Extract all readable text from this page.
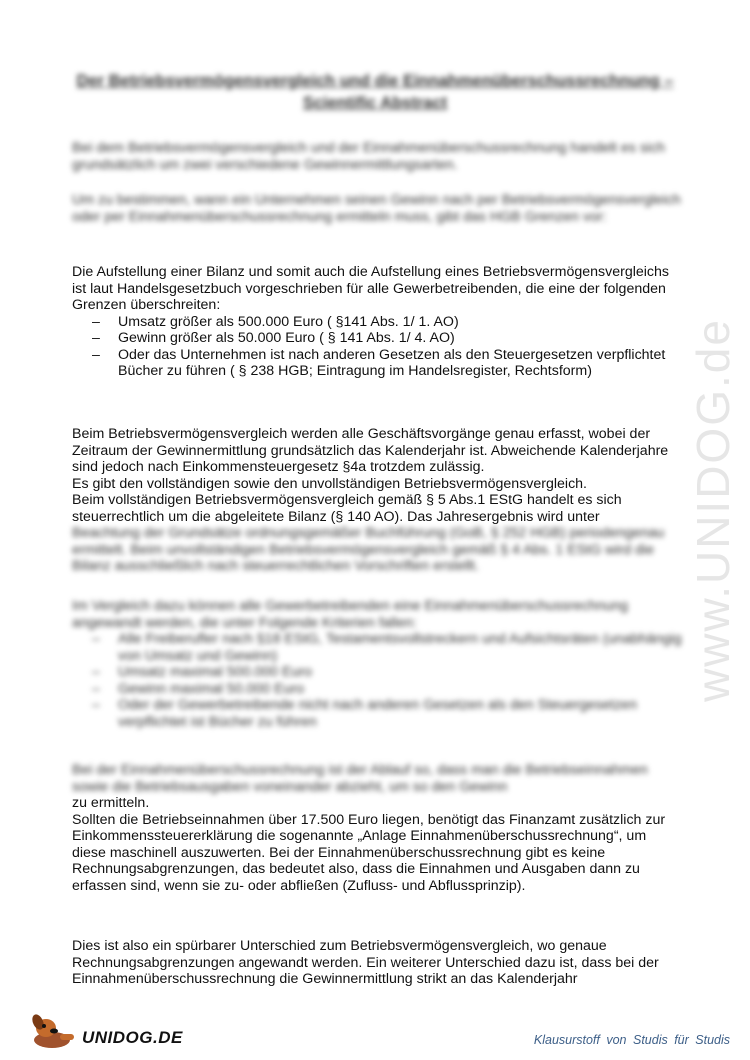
Der Betriebsvermögensvergleich und die Einnahmenüberschussrechnung – Scientific Abstract

Bei dem Betriebsvermögensvergleich und der Einnahmenüberschussrechnung handelt es sich grundsätzlich um zwei verschiedene Gewinnermittlungsarten.

Um zu bestimmen, wann ein Unternehmen seinen Gewinn nach per Betriebsvermögensvergleich oder per Einnahmenüberschussrechnung ermitteln muss, gibt das HGB Grenzen vor:

Die Aufstellung einer Bilanz und somit auch die Aufstellung eines Betriebsvermögensvergleichs ist laut Handelsgesetzbuch vorgeschrieben für alle Gewerbetreibenden, die eine der folgenden Grenzen überschreiten:

– Umsatz größer als 500.000 Euro ( §141 Abs. 1/ 1. AO)
– Gewinn größer als 50.000 Euro ( § 141 Abs. 1/ 4. AO)
– Oder das Unternehmen ist nach anderen Gesetzen als den Steuergesetzen verpflichtet Bücher zu führen ( § 238 HGB; Eintragung im Handelsregister, Rechtsform)

Beim Betriebsvermögensvergleich werden alle Geschäftsvorgänge genau erfasst, wobei der Zeitraum der Gewinnermittlung grundsätzlich das Kalenderjahr ist. Abweichende Kalenderjahre sind jedoch nach Einkommensteuergesetz §4a trotzdem zulässig.

Es gibt den vollständigen sowie den unvollständigen Betriebsvermögensvergleich.

Beim vollständigen Betriebsvermögensvergleich gemäß § 5 Abs.1 EStG handelt es sich steuerrechtlich um die abgeleitete Bilanz (§ 140 AO). Das Jahresergebnis wird unter

Beachtung der Grundsätze ordnungsgemäßer Buchführung (GoB, § 252 HGB) periodengenau ermittelt. Beim unvollständigen Betriebsvermögensvergleich gemäß § 4 Abs. 1 EStG wird die Bilanz ausschließlich nach steuerrechtlichen Vorschriften erstellt.

Im Vergleich dazu können alle Gewerbetreibenden eine Einnahmenüberschussrechnung angewandt werden, die unter Folgende Kriterien fallen:

– Alle Freiberufler nach §18 EStG, Testamentsvollstreckern und Aufsichtsräten (unabhängig von Umsatz und Gewinn)
– Umsatz maximal 500.000 Euro
– Gewinn maximal 50.000 Euro
– Oder der Gewerbetreibende nicht nach anderen Gesetzen als den Steuergesetzen verpflichtet ist Bücher zu führen

Bei der Einnahmenüberschussrechnung ist der Ablauf so, dass man die Betriebseinnahmen sowie die Betriebsausgaben voneinander abzieht, um so den Gewinn

zu ermitteln.

Sollten die Betriebseinnahmen über 17.500 Euro liegen, benötigt das Finanzamt zusätzlich zur Einkommenssteuererklärung die sogenannte „Anlage Einnahmenüberschussrechnung“, um diese maschinell auszuwerten. Bei der Einnahmenüberschussrechnung gibt es keine Rechnungsabgrenzungen, das bedeutet also, dass die Einnahmen und Ausgaben dann zu erfassen sind, wenn sie zu- oder abfließen (Zufluss- und Abflussprinzip).

Dies ist also ein spürbarer Unterschied zum Betriebsvermögensvergleich, wo genaue Rechnungsabgrenzungen angewandt werden. Ein weiterer Unterschied dazu ist, dass bei der Einnahmenüberschussrechnung die Gewinnermittlung strikt an das Kalenderjahr

www.UNIDOG.de
UNIDOG.DE	Klausurstoff von Studis für Studis
